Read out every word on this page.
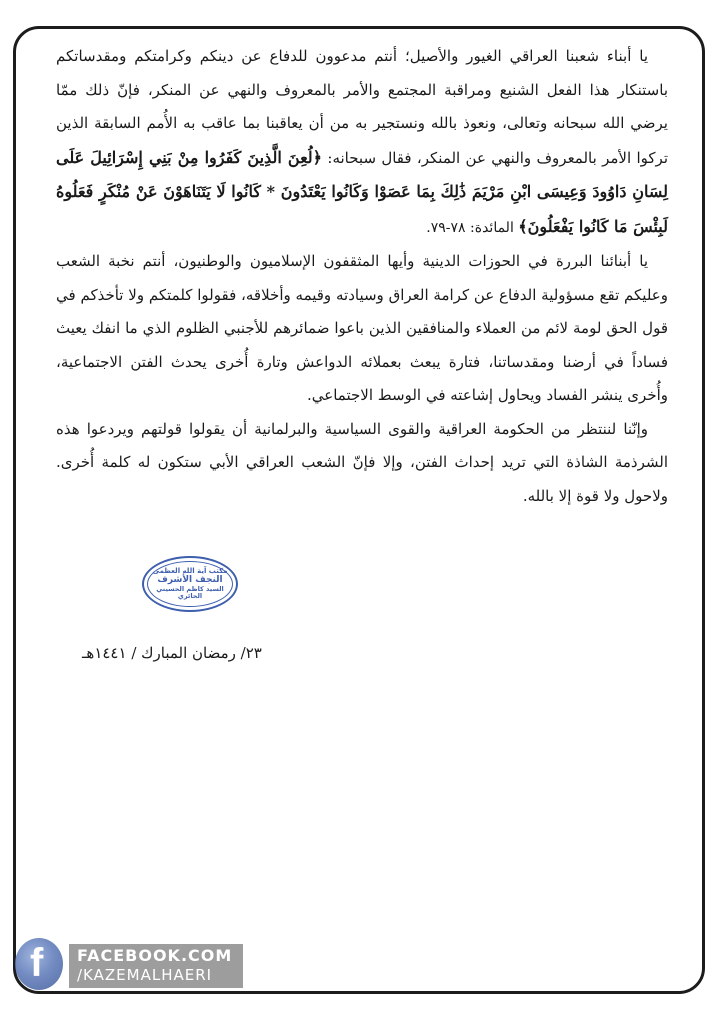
يا أبناء شعبنا العراقي الغيور والأصيل؛ أنتم مدعوون للدفاع عن دينكم وكرامتكم ومقدساتكم باستنكار هذا الفعل الشنيع ومراقبة المجتمع والأمر بالمعروف والنهي عن المنكر، فإنّ ذلك ممّا يرضي الله سبحانه وتعالى، ونعوذ بالله ونستجير به من أن يعاقبنا بما عاقب به الأُمم السابقة الذين تركوا الأمر بالمعروف والنهي عن المنكر، فقال سبحانه: ﴿لُعِنَ الَّذِينَ كَفَرُوا مِنْ بَنِي إِسْرَائِيلَ عَلَى لِسَانِ دَاوُودَ وَعِيسَى ابْنِ مَرْيَمَ ذَٰلِكَ بِمَا عَصَوْا وَكَانُوا يَعْتَدُونَ * كَانُوا لَا يَتَنَاهَوْنَ عَنْ مُنْكَرٍ فَعَلُوهُ لَبِئْسَ مَا كَانُوا يَفْعَلُونَ﴾ المائدة: ٧٨-٧٩.

يا أبنائنا البررة في الحوزات الدينية وأيها المثقفون الإسلاميون والوطنيون، أنتم نخبة الشعب وعليكم تقع مسؤولية الدفاع عن كرامة العراق وسيادته وقيمه وأخلاقه، فقولوا كلمتكم ولا تأخذكم في قول الحق لومة لائم من العملاء والمنافقين الذين باعوا ضمائرهم للأجنبي الظلوم الذي ما انفك يعيث فساداً في أرضنا ومقدساتنا، فتارة يبعث بعملائه الدواعش وتارة أُخرى يحدث الفتن الاجتماعية، وأُخرى ينشر الفساد ويحاول إشاعته في الوسط الاجتماعي.

وإنّنا لننتظر من الحكومة العراقية والقوى السياسية والبرلمانية أن يقولوا قولتهم ويردعوا هذه الشرذمة الشاذة التي تريد إحداث الفتن، وإلا فإنّ الشعب العراقي الأبي ستكون له كلمة أُخرى. ولاحول ولا قوة إلا بالله.

مكتب آية الله العظمى
النجف الأشرف
السيد كاظم الحسيني الحائري
٢٣/ رمضان المبارك / ١٤٤١هـ
f FACEBOOK.COM
/KAZEMALHAERI
